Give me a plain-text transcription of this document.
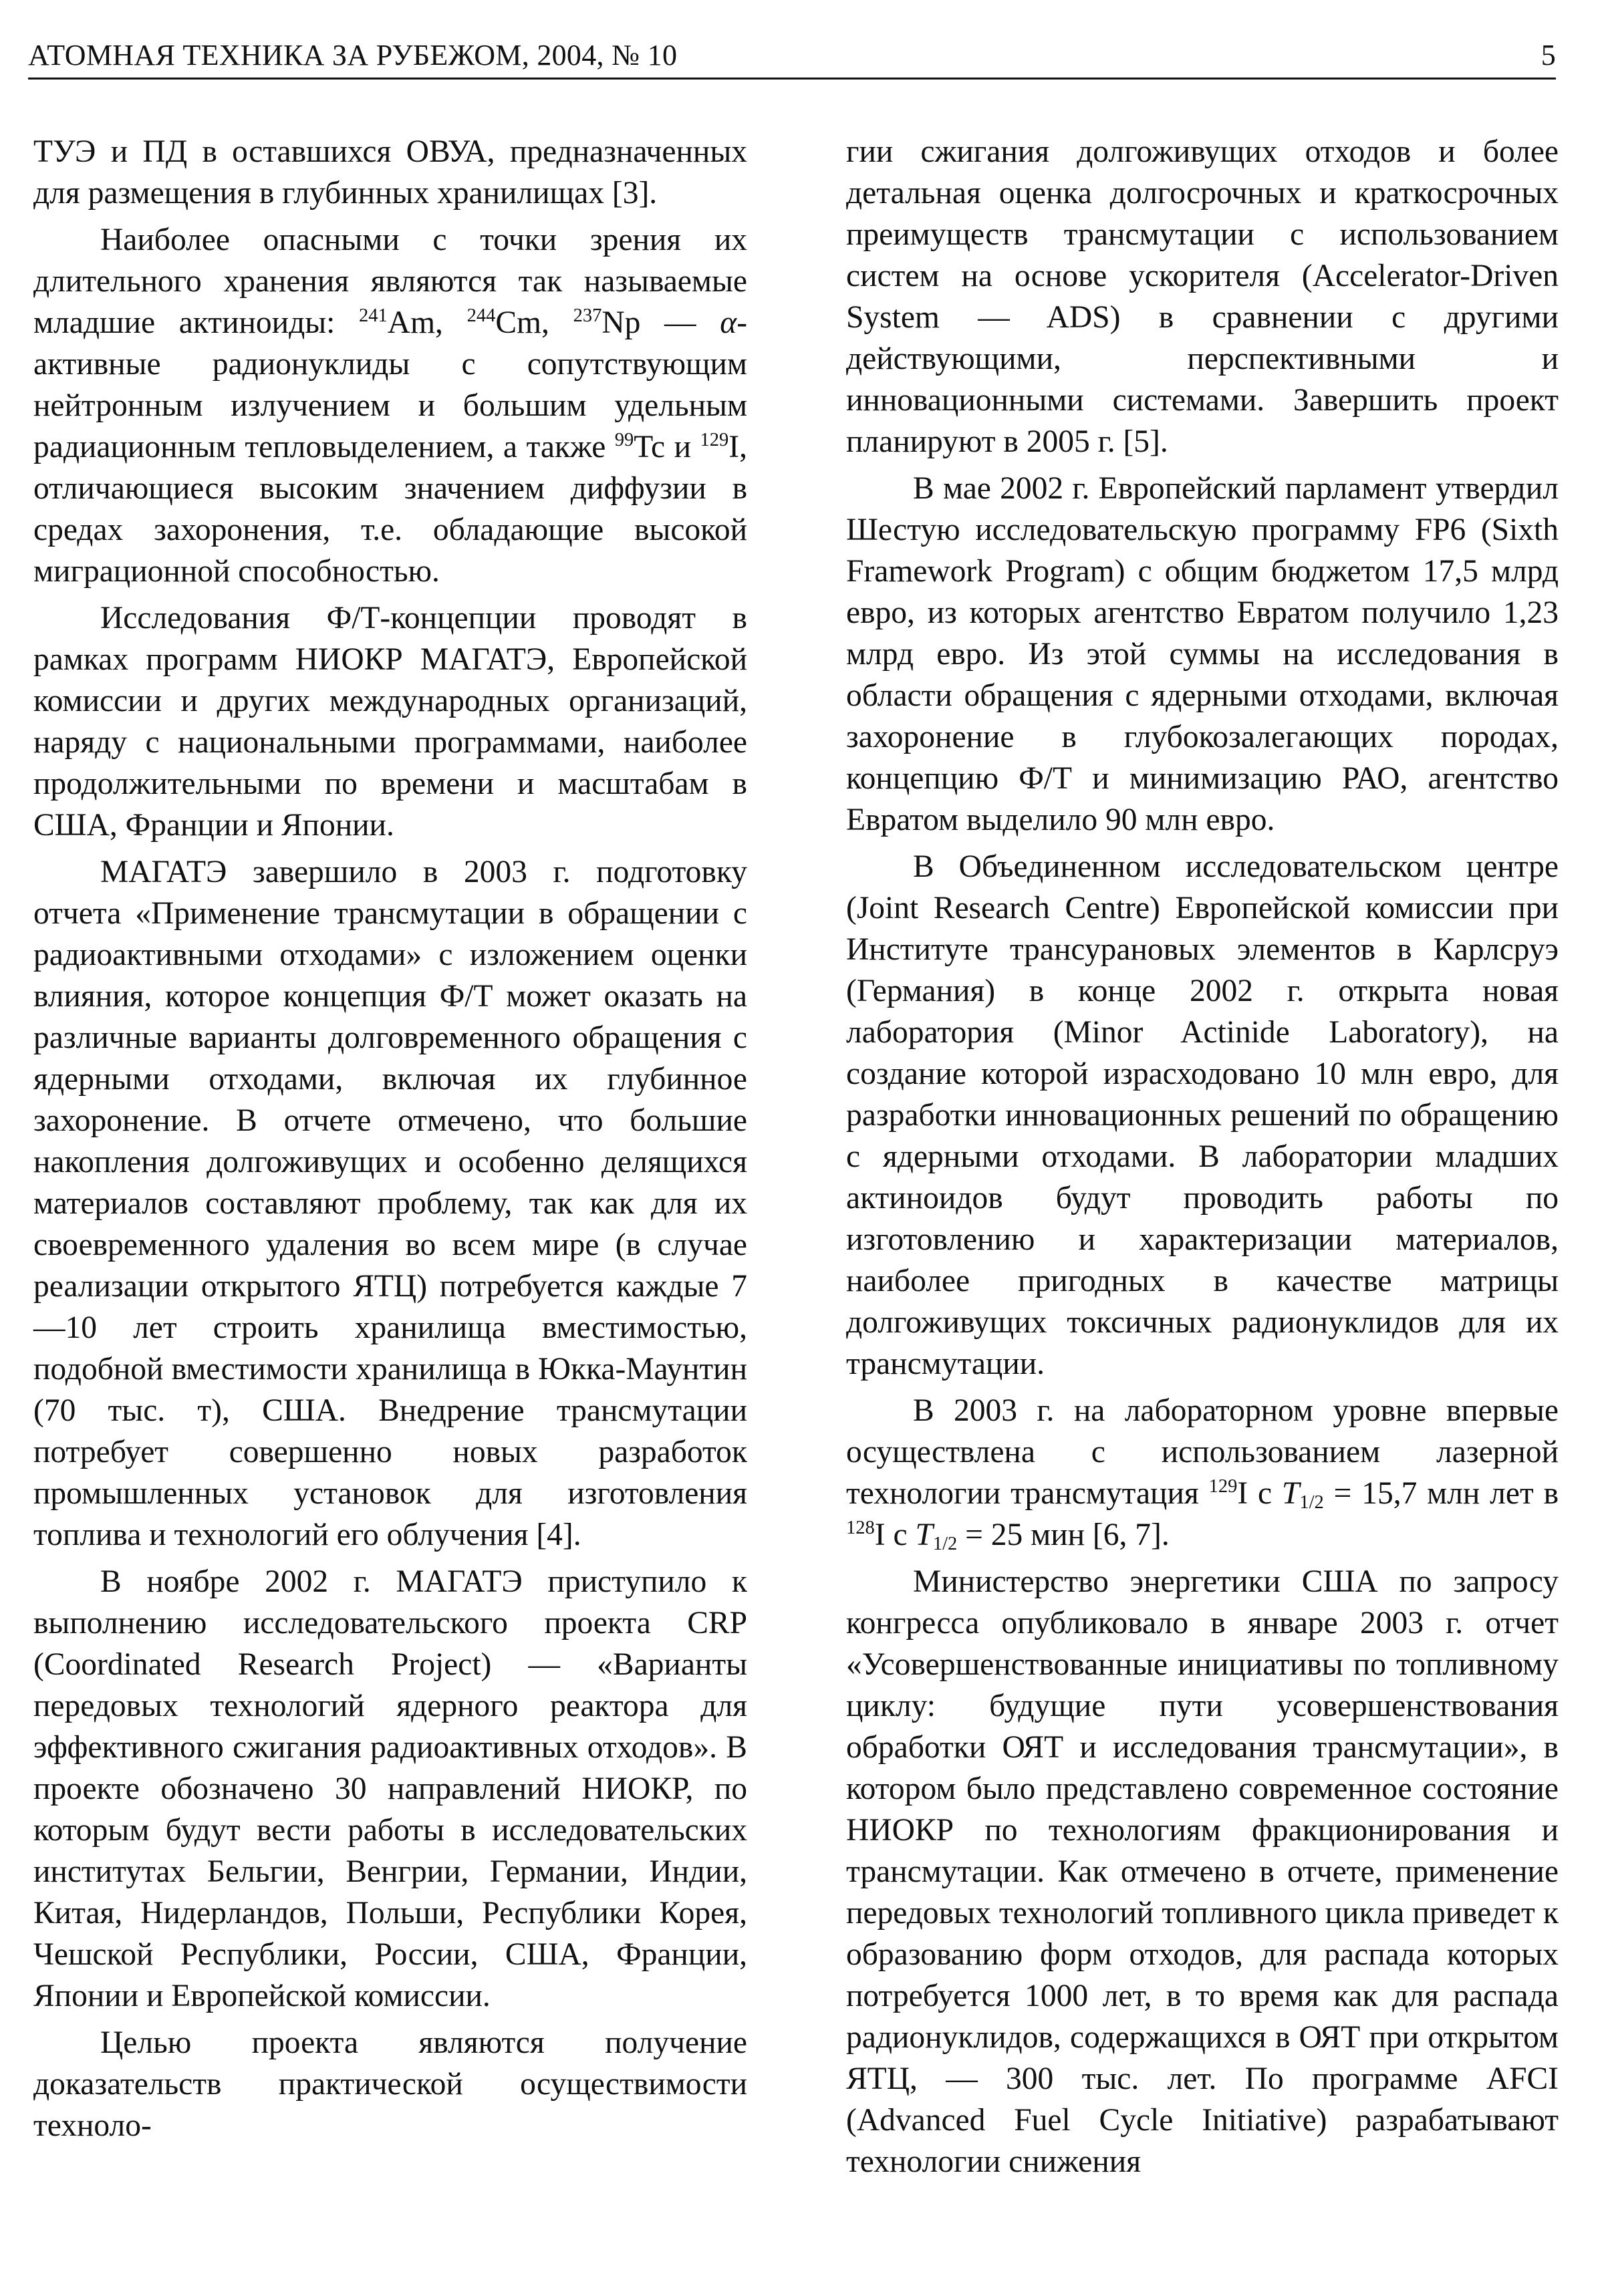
АТОМНАЯ ТЕХНИКА ЗА РУБЕЖОМ, 2004, № 10	5

ТУЭ и ПД в оставшихся ОВУА, предназначенных для размещения в глубинных хранилищах [3].

Наиболее опасными с точки зрения их длительного хранения являются так называемые младшие актиноиды: $^{241}$Am, $^{244}$Cm, $^{237}$Np — α-активные радионуклиды с сопутствующим нейтронным излучением и большим удельным радиационным тепловыделением, а также $^{99}$Tc и $^{129}$I, отличающиеся высоким значением диффузии в средах захоронения, т.е. обладающие высокой миграционной способностью.

Исследования Ф/Т-концепции проводят в рамках программ НИОКР МАГАТЭ, Европейской комиссии и других международных организаций, наряду с национальными программами, наиболее продолжительными по времени и масштабам в США, Франции и Японии.

МАГАТЭ завершило в 2003 г. подготовку отчета «Применение трансмутации в обращении с радиоактивными отходами» с изложением оценки влияния, которое концепция Ф/Т может оказать на различные варианты долговременного обращения с ядерными отходами, включая их глубинное захоронение. В отчете отмечено, что большие накопления долгоживущих и особенно делящихся материалов составляют проблему, так как для их своевременного удаления во всем мире (в случае реализации открытого ЯТЦ) потребуется каждые 7—10 лет строить хранилища вместимостью, подобной вместимости хранилища в Юкка-Маунтин (70 тыс. т), США. Внедрение трансмутации потребует совершенно новых разработок промышленных установок для изготовления топлива и технологий его облучения [4].

В ноябре 2002 г. МАГАТЭ приступило к выполнению исследовательского проекта CRP (Coordinated Research Project) — «Варианты передовых технологий ядерного реактора для эффективного сжигания радиоактивных отходов». В проекте обозначено 30 направлений НИОКР, по которым будут вести работы в исследовательских институтах Бельгии, Венгрии, Германии, Индии, Китая, Нидерландов, Польши, Республики Корея, Чешской Республики, России, США, Франции, Японии и Европейской комиссии.

Целью проекта являются получение доказательств практической осуществимости техноло-

гии сжигания долгоживущих отходов и более детальная оценка долгосрочных и краткосрочных преимуществ трансмутации с использованием систем на основе ускорителя (Accelerator-Driven System — ADS) в сравнении с другими действующими, перспективными и инновационными системами. Завершить проект планируют в 2005 г. [5].

В мае 2002 г. Европейский парламент утвердил Шестую исследовательскую программу FP6 (Sixth Framework Program) с общим бюджетом 17,5 млрд евро, из которых агентство Евратом получило 1,23 млрд евро. Из этой суммы на исследования в области обращения с ядерными отходами, включая захоронение в глубокозалегающих породах, концепцию Ф/Т и минимизацию РАО, агентство Евратом выделило 90 млн евро.

В Объединенном исследовательском центре (Joint Research Centre) Европейской комиссии при Институте трансурановых элементов в Карлсруэ (Германия) в конце 2002 г. открыта новая лаборатория (Minor Actinide Laboratory), на создание которой израсходовано 10 млн евро, для разработки инновационных решений по обращению с ядерными отходами. В лаборатории младших актиноидов будут проводить работы по изготовлению и характеризации материалов, наиболее пригодных в качестве матрицы долгоживущих токсичных радионуклидов для их трансмутации.

В 2003 г. на лабораторном уровне впервые осуществлена с использованием лазерной технологии трансмутация $^{129}$I с $T_{1/2} = 15,7$ млн лет в $^{128}$I с $T_{1/2} = 25$ мин [6, 7].

Министерство энергетики США по запросу конгресса опубликовало в январе 2003 г. отчет «Усовершенствованные инициативы по топливному циклу: будущие пути усовершенствования обработки ОЯТ и исследования трансмутации», в котором было представлено современное состояние НИОКР по технологиям фракционирования и трансмутации. Как отмечено в отчете, применение передовых технологий топливного цикла приведет к образованию форм отходов, для распада которых потребуется 1000 лет, в то время как для распада радионуклидов, содержащихся в ОЯТ при открытом ЯТЦ, — 300 тыс. лет. По программе AFCI (Advanced Fuel Cycle Initiative) разрабатывают технологии снижения
